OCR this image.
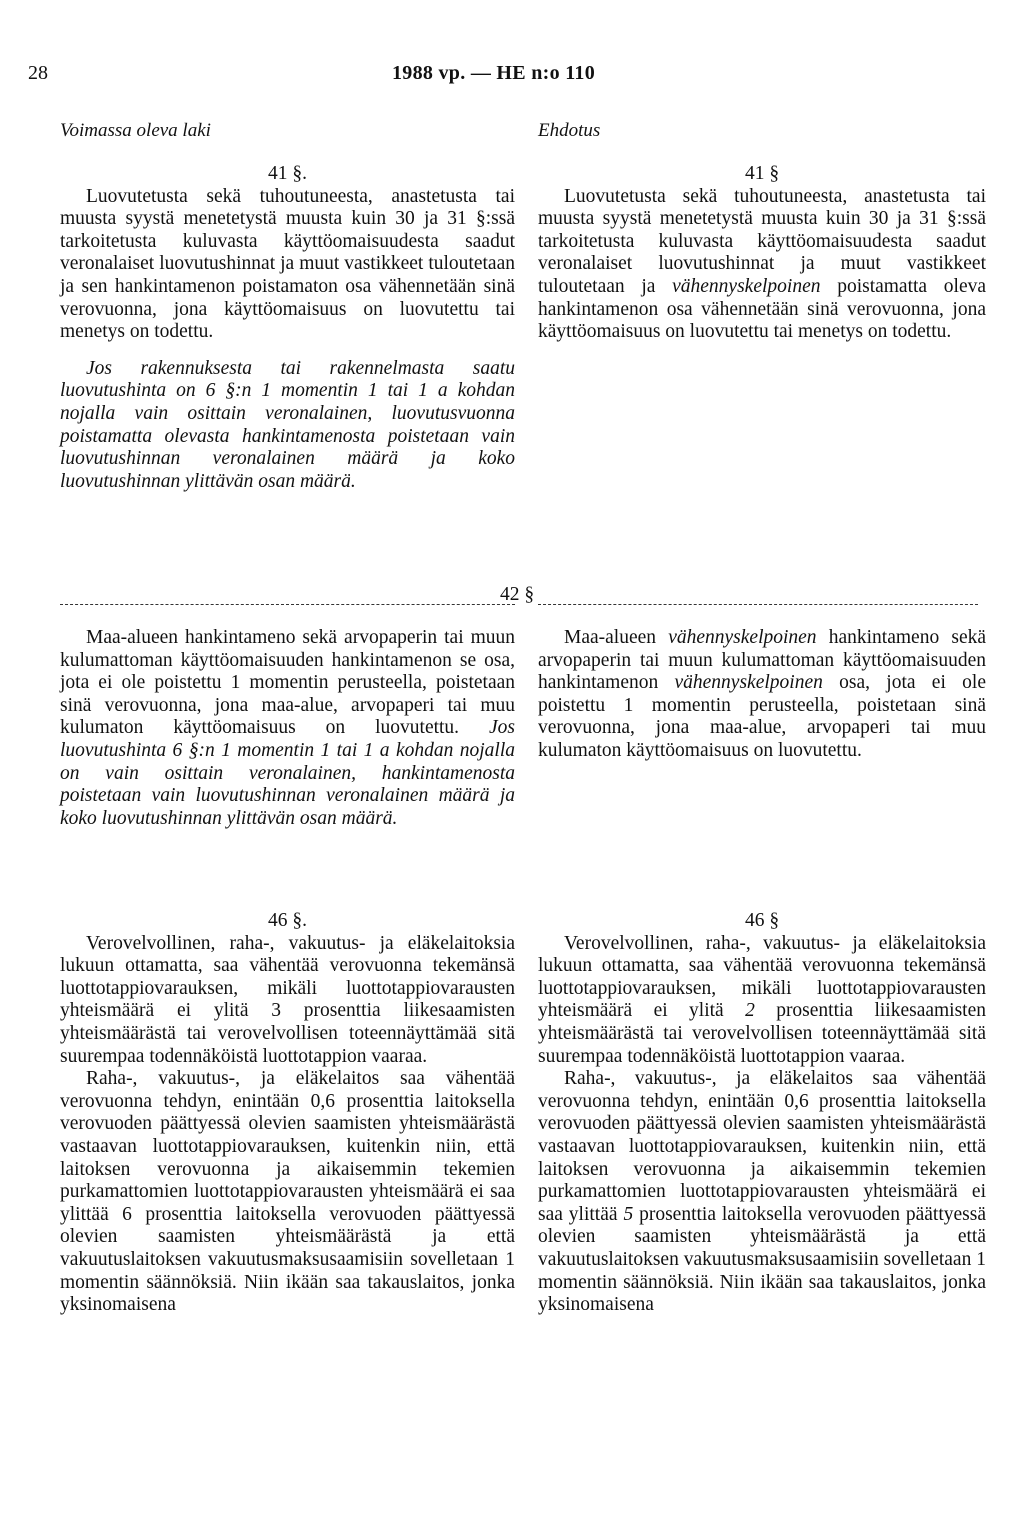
28	1988 vp. — HE n:o 110
Voimassa oleva laki	Ehdotus
41 §.

Luovutetusta sekä tuhoutuneesta, anastetusta tai muusta syystä menetetystä muusta kuin 30 ja 31 §:ssä tarkoitetusta kuluvasta käyttöomaisuudesta saadut veronalaiset luovutushinnat ja muut vastikkeet tuloutetaan ja sen hankintamenon poistamaton osa vähennetään sinä verovuonna, jona käyttöomaisuus on luovutettu tai menetys on todettu.

Jos rakennuksesta tai rakennelmasta saatu luovutushinta on 6 §:n 1 momentin 1 tai 1 a kohdan nojalla vain osittain veronalainen, luovutusvuonna poistamatta olevasta hankintamenosta poistetaan vain luovutushinnan veronalainen määrä ja koko luovutushinnan ylittävän osan määrä.

41 §

Luovutetusta sekä tuhoutuneesta, anastetusta tai muusta syystä menetetystä muusta kuin 30 ja 31 §:ssä tarkoitetusta kuluvasta käyttöomaisuudesta saadut veronalaiset luovutushinnat ja muut vastikkeet tuloutetaan ja vähennyskelpoinen poistamatta oleva hankintamenon osa vähennetään sinä verovuonna, jona käyttöomaisuus on luovutettu tai menetys on todettu.

42 §

Maa-alueen hankintameno sekä arvopaperin tai muun kulumattoman käyttöomaisuuden hankintamenon se osa, jota ei ole poistettu 1 momentin perusteella, poistetaan sinä verovuonna, jona maa-alue, arvopaperi tai muu kulumaton käyttöomaisuus on luovutettu. Jos luovutushinta 6 §:n 1 momentin 1 tai 1 a kohdan nojalla on vain osittain veronalainen, hankintamenosta poistetaan vain luovutushinnan veronalainen määrä ja koko luovutushinnan ylittävän osan määrä.

Maa-alueen vähennyskelpoinen hankintameno sekä arvopaperin tai muun kulumattoman käyttöomaisuuden hankintamenon vähennyskelpoinen osa, jota ei ole poistettu 1 momentin perusteella, poistetaan sinä verovuonna, jona maa-alue, arvopaperi tai muu kulumaton käyttöomaisuus on luovutettu.

46 §.

Verovelvollinen, raha-, vakuutus- ja eläkelaitoksia lukuun ottamatta, saa vähentää verovuonna tekemänsä luottotappiovarauksen, mikäli luottotappiovarausten yhteismäärä ei ylitä 3 prosenttia liikesaamisten yhteismäärästä tai verovelvollisen toteennäyttämää sitä suurempaa todennäköistä luottotappion vaaraa.

Raha-, vakuutus-, ja eläkelaitos saa vähentää verovuonna tehdyn, enintään 0,6 prosenttia laitoksella verovuoden päättyessä olevien saamisten yhteismäärästä vastaavan luottotappiovarauksen, kuitenkin niin, että laitoksen verovuonna ja aikaisemmin tekemien purkamattomien luottotappiovarausten yhteismäärä ei saa ylittää 6 prosenttia laitoksella verovuoden päättyessä olevien saamisten yhteismäärästä ja että vakuutuslaitoksen vakuutusmaksusaamisiin sovelletaan 1 momentin säännöksiä. Niin ikään saa takauslaitos, jonka yksinomaisena

46 §

Verovelvollinen, raha-, vakuutus- ja eläkelaitoksia lukuun ottamatta, saa vähentää verovuonna tekemänsä luottotappiovarauksen, mikäli luottotappiovarausten yhteismäärä ei ylitä 2 prosenttia liikesaamisten yhteismäärästä tai verovelvollisen toteennäyttämää sitä suurempaa todennäköistä luottotappion vaaraa.

Raha-, vakuutus-, ja eläkelaitos saa vähentää verovuonna tehdyn, enintään 0,6 prosenttia laitoksella verovuoden päättyessä olevien saamisten yhteismäärästä vastaavan luottotappiovarauksen, kuitenkin niin, että laitoksen verovuonna ja aikaisemmin tekemien purkamattomien luottotappiovarausten yhteismäärä ei saa ylittää 5 prosenttia laitoksella verovuoden päättyessä olevien saamisten yhteismäärästä ja että vakuutuslaitoksen vakuutusmaksusaamisiin sovelletaan 1 momentin säännöksiä. Niin ikään saa takauslaitos, jonka yksinomaisena
